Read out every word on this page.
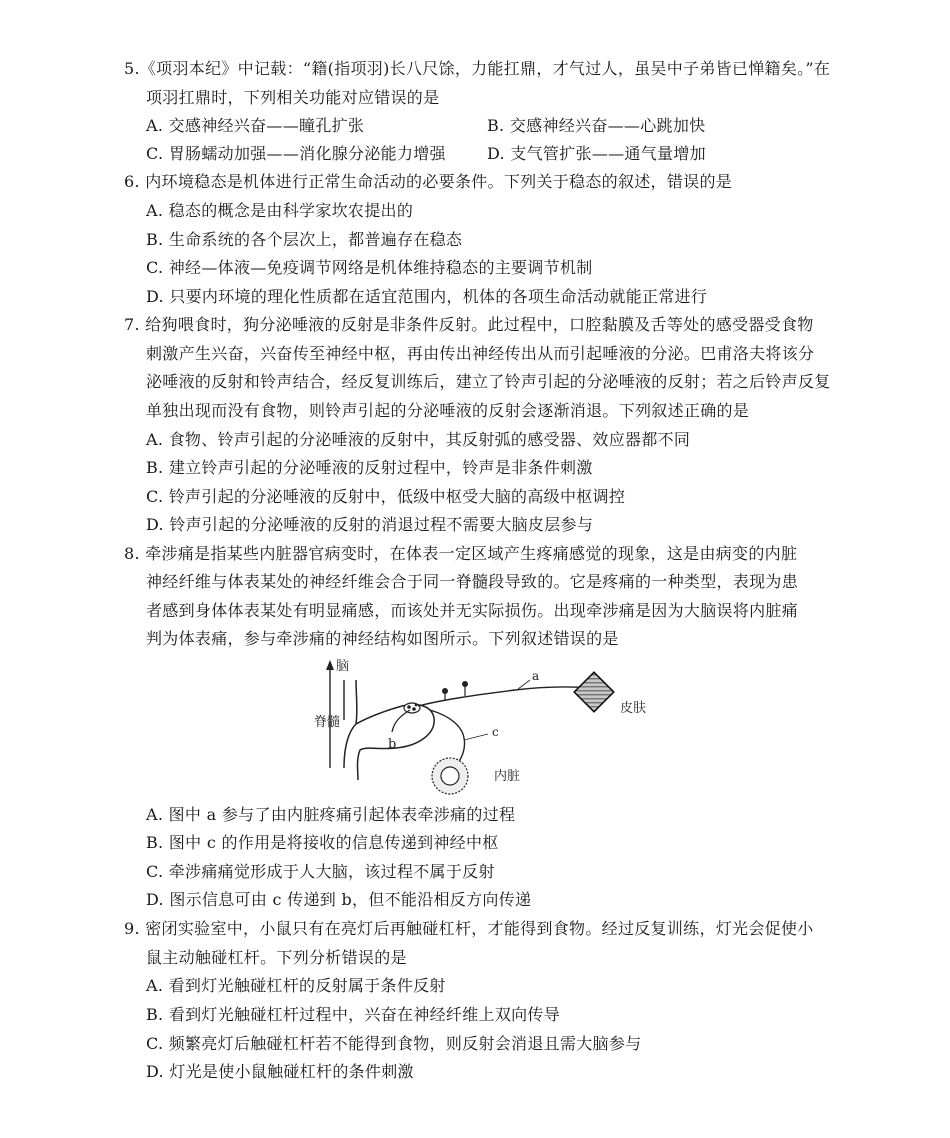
5.《项羽本纪》中记载：“籍(指项羽)长八尺馀，力能扛鼎，才气过人，虽吴中子弟皆已惮籍矣。”在
项羽扛鼎时，下列相关功能对应错误的是
A. 交感神经兴奋——瞳孔扩张	B. 交感神经兴奋——心跳加快
C. 胃肠蠕动加强——消化腺分泌能力增强	D. 支气管扩张——通气量增加
6. 内环境稳态是机体进行正常生命活动的必要条件。下列关于稳态的叙述，错误的是
A. 稳态的概念是由科学家坎农提出的
B. 生命系统的各个层次上，都普遍存在稳态
C. 神经—体液—免疫调节网络是机体维持稳态的主要调节机制
D. 只要内环境的理化性质都在适宜范围内，机体的各项生命活动就能正常进行
7. 给狗喂食时，狗分泌唾液的反射是非条件反射。此过程中，口腔黏膜及舌等处的感受器受食物
刺激产生兴奋，兴奋传至神经中枢，再由传出神经传出从而引起唾液的分泌。巴甫洛夫将该分
泌唾液的反射和铃声结合，经反复训练后，建立了铃声引起的分泌唾液的反射；若之后铃声反复
单独出现而没有食物，则铃声引起的分泌唾液的反射会逐渐消退。下列叙述正确的是
A. 食物、铃声引起的分泌唾液的反射中，其反射弧的感受器、效应器都不同
B. 建立铃声引起的分泌唾液的反射过程中，铃声是非条件刺激
C. 铃声引起的分泌唾液的反射中，低级中枢受大脑的高级中枢调控
D. 铃声引起的分泌唾液的反射的消退过程不需要大脑皮层参与
8. 牵涉痛是指某些内脏器官病变时，在体表一定区域产生疼痛感觉的现象，这是由病变的内脏
神经纤维与体表某处的神经纤维会合于同一脊髓段导致的。它是疼痛的一种类型，表现为患
者感到身体体表某处有明显痛感，而该处并无实际损伤。出现牵涉痛是因为大脑误将内脏痛
判为体表痛，参与牵涉痛的神经结构如图所示。下列叙述错误的是
脑
脊髓
b
a
皮肤
c
内脏
A. 图中 a 参与了由内脏疼痛引起体表牵涉痛的过程
B. 图中 c 的作用是将接收的信息传递到神经中枢
C. 牵涉痛痛觉形成于人大脑，该过程不属于反射
D. 图示信息可由 c 传递到 b，但不能沿相反方向传递
9. 密闭实验室中，小鼠只有在亮灯后再触碰杠杆，才能得到食物。经过反复训练，灯光会促使小
鼠主动触碰杠杆。下列分析错误的是
A. 看到灯光触碰杠杆的反射属于条件反射
B. 看到灯光触碰杠杆过程中，兴奋在神经纤维上双向传导
C. 频繁亮灯后触碰杠杆若不能得到食物，则反射会消退且需大脑参与
D. 灯光是使小鼠触碰杠杆的条件刺激
